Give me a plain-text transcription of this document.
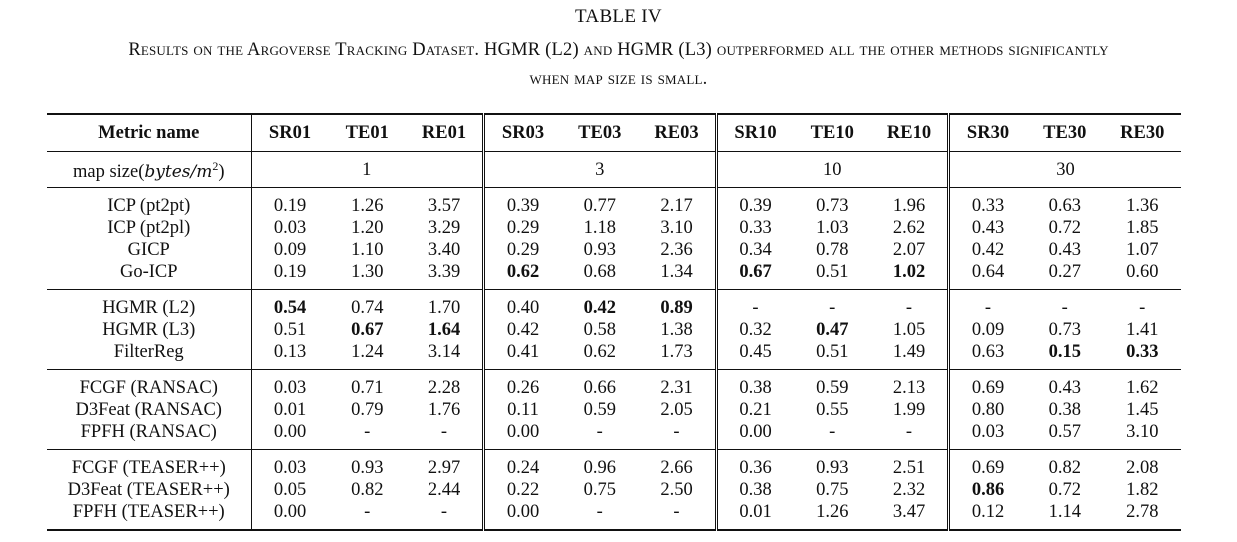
TABLE IV
Results on the Argoverse Tracking Dataset. HGMR (L2) and HGMR (L3) outperformed all the other methods significantly
when map size is small.
Metric name	SR01	TE01	RE01	SR03	TE03	RE03	SR10	TE10	RE10	SR30	TE30	RE30
map $size(bytes/m^2)$	1			3			10			30		
ICP (pt2pt)	0.19	1.26	3.57	0.39	0.77	2.17	0.39	0.73	1.96	0.33	0.63	1.36
ICP (pt2pl)	0.03	1.20	3.29	0.29	1.18	3.10	0.33	1.03	2.62	0.43	0.72	1.85
GICP	0.09	1.10	3.40	0.29	0.93	2.36	0.34	0.78	2.07	0.42	0.43	1.07
Go-ICP	0.19	1.30	3.39	0.62	0.68	1.34	0.67	0.51	1.02	0.64	0.27	0.60
HGMR (L2)	0.54	0.74	1.70	0.40	0.42	0.89	-	-	-	-	-	-
HGMR (L3)	0.51	0.67	1.64	0.42	0.58	1.38	0.32	0.47	1.05	0.09	0.73	1.41
FilterReg	0.13	1.24	3.14	0.41	0.62	1.73	0.45	0.51	1.49	0.63	0.15	0.33
FCGF (RANSAC)	0.03	0.71	2.28	0.26	0.66	2.31	0.38	0.59	2.13	0.69	0.43	1.62
D3Feat (RANSAC)	0.01	0.79	1.76	0.11	0.59	2.05	0.21	0.55	1.99	0.80	0.38	1.45
FPFH (RANSAC)	0.00	-	-	0.00	-	-	0.00	-	-	0.03	0.57	3.10
FCGF (TEASER++)	0.03	0.93	2.97	0.24	0.96	2.66	0.36	0.93	2.51	0.69	0.82	2.08
D3Feat (TEASER++)	0.05	0.82	2.44	0.22	0.75	2.50	0.38	0.75	2.32	0.86	0.72	1.82
FPFH (TEASER++)	0.00	-	-	0.00	-	-	0.01	1.26	3.47	0.12	1.14	2.78
